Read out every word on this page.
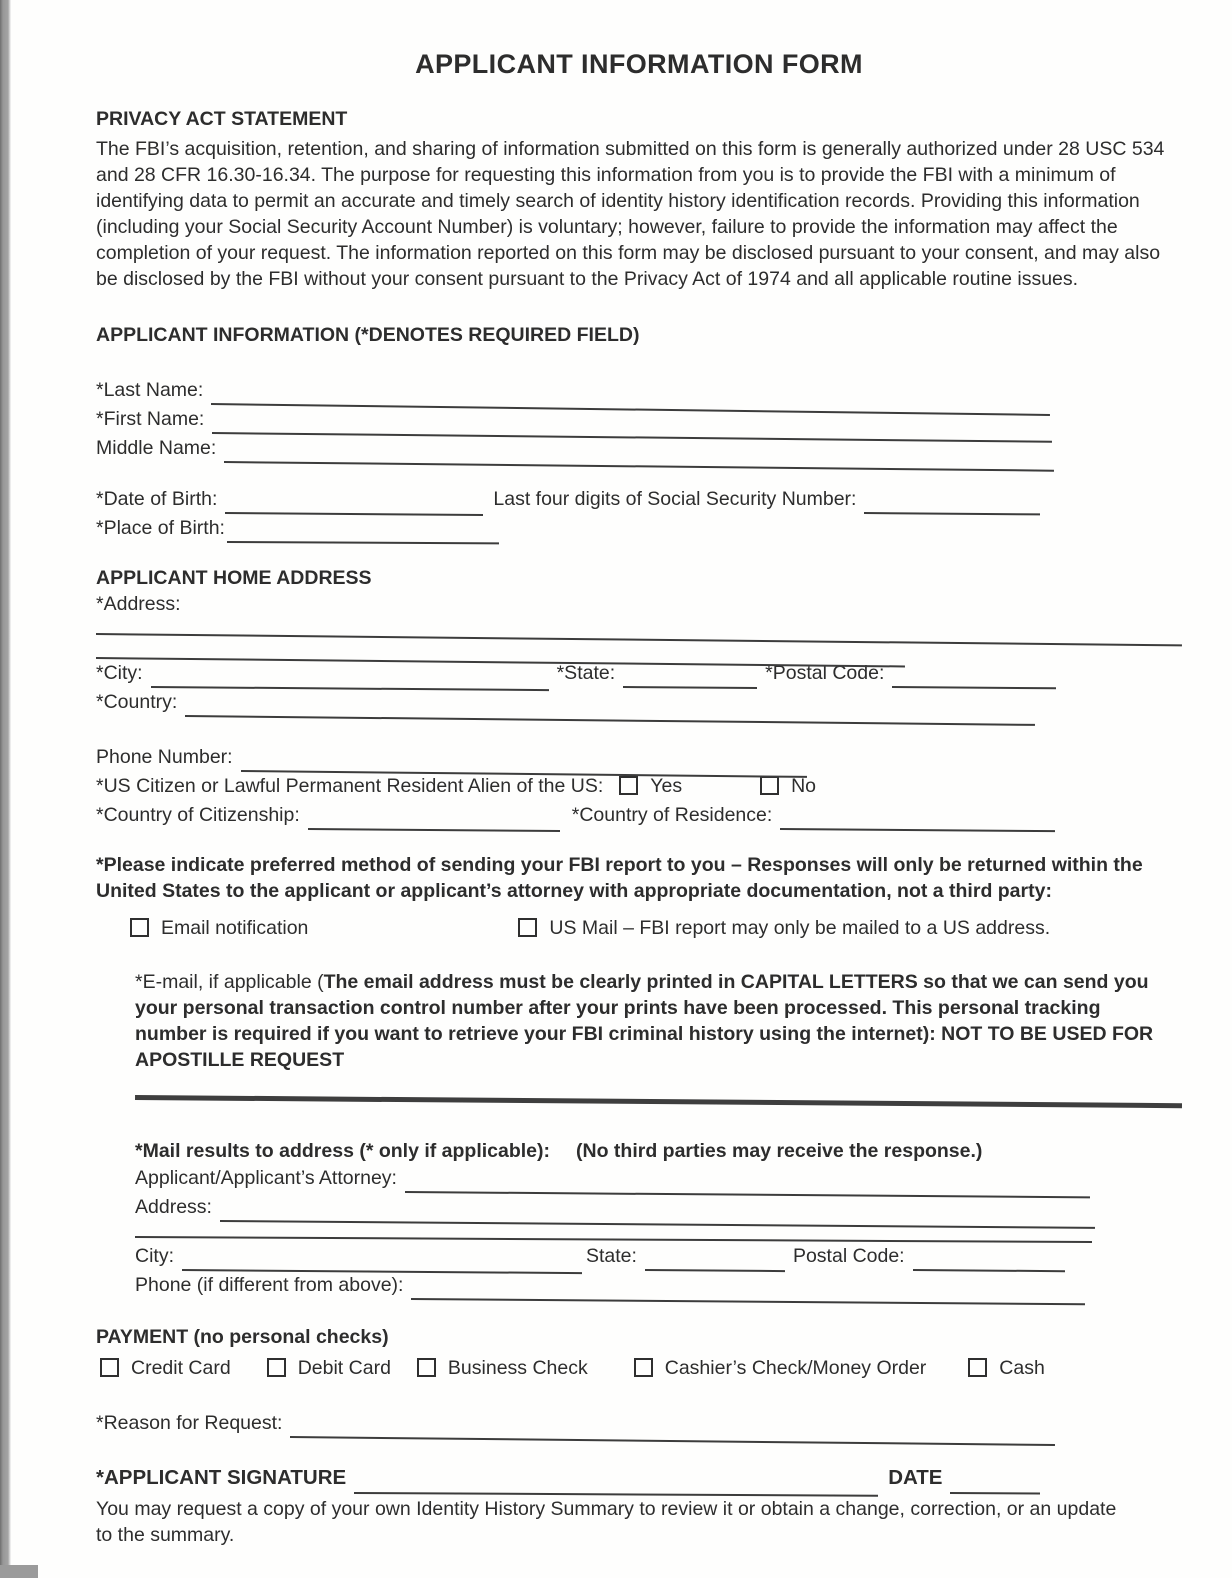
APPLICANT INFORMATION FORM
PRIVACY ACT STATEMENT

The FBI’s acquisition, retention, and sharing of information submitted on this form is generally authorized under 28 USC 534 and 28 CFR 16.30-16.34. The purpose for requesting this information from you is to provide the FBI with a minimum of identifying data to permit an accurate and timely search of identity history identification records. Providing this information (including your Social Security Account Number) is voluntary; however, failure to provide the information may affect the completion of your request. The information reported on this form may be disclosed pursuant to your consent, and may also be disclosed by the FBI without your consent pursuant to the Privacy Act of 1974 and all applicable routine issues.

APPLICANT INFORMATION (*DENOTES REQUIRED FIELD)
*Last Name:
*First Name:
Middle Name:
*Date of Birth:	Last four digits of Social Security Number:
*Place of Birth:
APPLICANT HOME ADDRESS
*Address:
*City:	*State:	*Postal Code:
*Country:
Phone Number:
*US Citizen or Lawful Permanent Resident Alien of the US: Yes	No
*Country of Citizenship:	*Country of Residence:

*Please indicate preferred method of sending your FBI report to you – Responses will only be returned within the United States to the applicant or applicant’s attorney with appropriate documentation, not a third party:

Email notification	US Mail – FBI report may only be mailed to a US address.

*E-mail, if applicable (The email address must be clearly printed in CAPITAL LETTERS so that we can send you your personal transaction control number after your prints have been processed. This personal tracking number is required if you want to retrieve your FBI criminal history using the internet): NOT TO BE USED FOR APOSTILLE REQUEST

*Mail results to address (* only if applicable): (No third parties may receive the response.)
Applicant/Applicant’s Attorney:
Address:
City:	State:	Postal Code:
Phone (if different from above):
PAYMENT (no personal checks)
Credit Card	Debit Card	Business Check	Cashier’s Check/Money Order	Cash
*Reason for Request:
*APPLICANT SIGNATURE	DATE

You may request a copy of your own Identity History Summary to review it or obtain a change, correction, or an update to the summary.
